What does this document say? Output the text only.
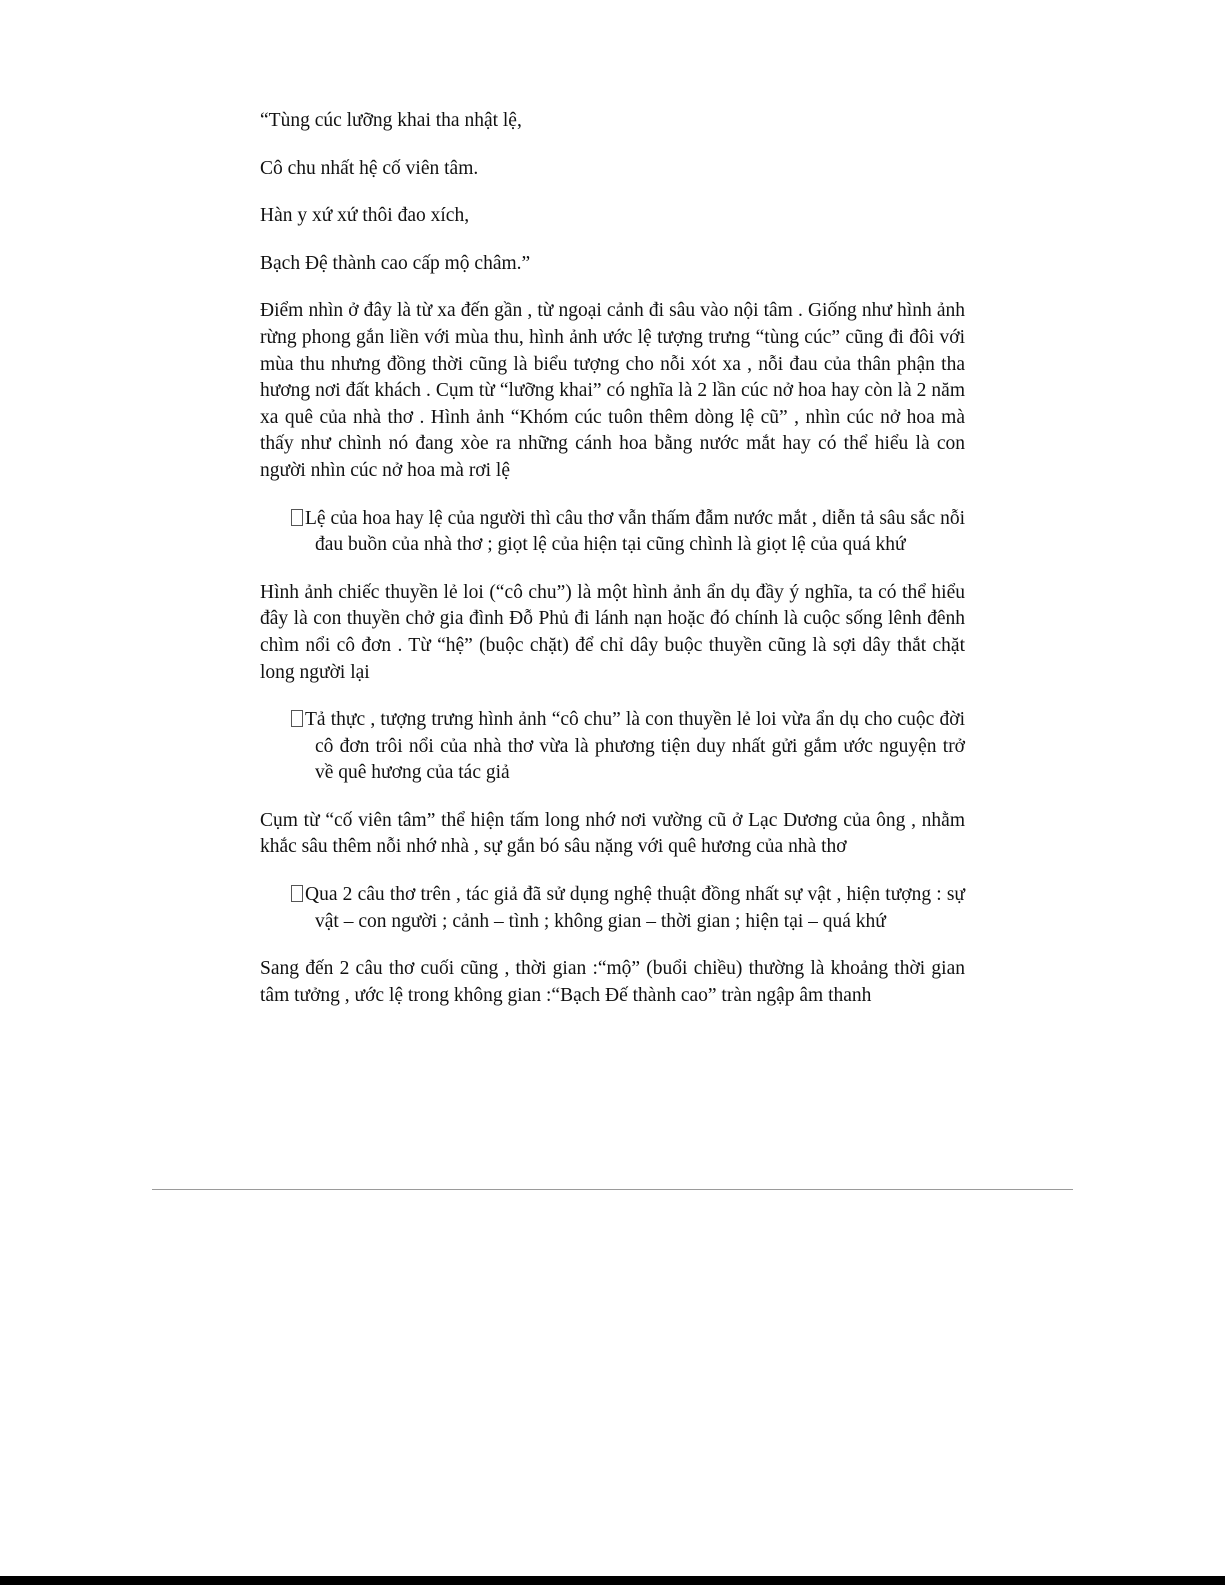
“Tùng cúc lưỡng khai tha nhật lệ,
Cô chu nhất hệ cố viên tâm.
Hàn y xứ xứ thôi đao xích,
Bạch Đệ thành cao cấp mộ châm.”

Điểm nhìn ở đây là từ xa đến gần , từ ngoại cảnh đi sâu vào nội tâm . Giống như hình ảnh rừng phong gắn liền với mùa thu, hình ảnh ước lệ tượng trưng “tùng cúc” cũng đi đôi với mùa thu nhưng đồng thời cũng là biểu tượng cho nỗi xót xa , nỗi đau của thân phận tha hương nơi đất khách . Cụm từ “lưỡng khai” có nghĩa là 2 lần cúc nở hoa hay còn là 2 năm xa quê của nhà thơ . Hình ảnh “Khóm cúc tuôn thêm dòng lệ cũ” , nhìn cúc nở hoa mà thấy như chình nó đang xòe ra những cánh hoa bằng nước mắt hay có thể hiểu là con người nhìn cúc nở hoa mà rơi lệ

Lệ của hoa hay lệ của người thì câu thơ vẫn thấm đẫm nước mắt , diễn tả sâu sắc nỗi đau buồn của nhà thơ ; giọt lệ của hiện tại cũng chình là giọt lệ của quá khứ

Hình ảnh chiếc thuyền lẻ loi (“cô chu”) là một hình ảnh ẩn dụ đầy ý nghĩa, ta có thể hiểu đây là con thuyền chở gia đình Đỗ Phủ đi lánh nạn hoặc đó chính là cuộc sống lênh đênh chìm nổi cô đơn . Từ “hệ” (buộc chặt) để chỉ dây buộc thuyền cũng là sợi dây thắt chặt long người lại

Tả thực , tượng trưng hình ảnh “cô chu” là con thuyền lẻ loi vừa ẩn dụ cho cuộc đời cô đơn trôi nổi của nhà thơ vừa là phương tiện duy nhất gửi gắm ước nguyện trở về quê hương của tác giả

Cụm từ “cố viên tâm” thể hiện tấm long nhớ nơi vường cũ ở Lạc Dương của ông , nhằm khắc sâu thêm nỗi nhớ nhà , sự gắn bó sâu nặng với quê hương của nhà thơ

Qua 2 câu thơ trên , tác giả đã sử dụng nghệ thuật đồng nhất sự vật , hiện tượng : sự vật – con người ; cảnh – tình ; không gian – thời gian ; hiện tại – quá khứ

Sang đến 2 câu thơ cuối cũng , thời gian :“mộ” (buổi chiều) thường là khoảng thời gian tâm tưởng , ước lệ trong không gian :“Bạch Đế thành cao” tràn ngập âm thanh
